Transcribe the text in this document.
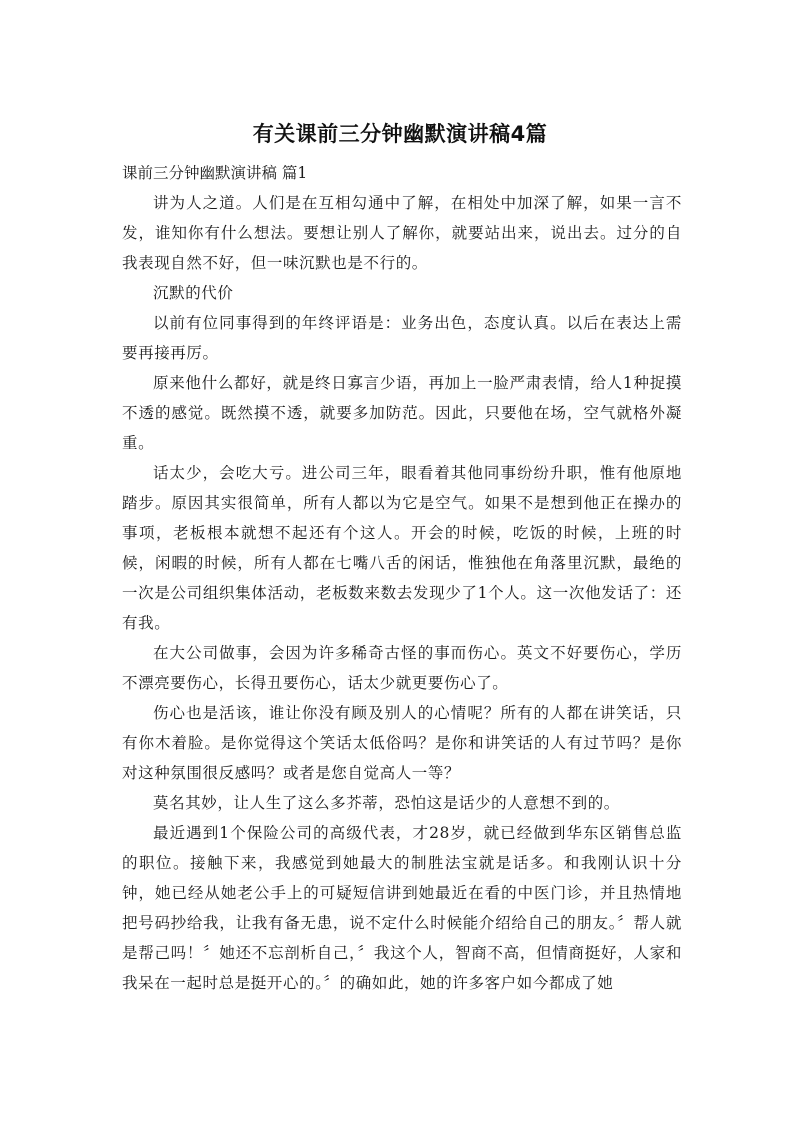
有关课前三分钟幽默演讲稿4篇
课前三分钟幽默演讲稿 篇1

讲为人之道。人们是在互相勾通中了解，在相处中加深了解，如果一言不发，谁知你有什么想法。要想让别人了解你，就要站出来，说出去。过分的自我表现自然不好，但一味沉默也是不行的。

沉默的代价

以前有位同事得到的年终评语是：业务出色，态度认真。以后在表达上需要再接再厉。

原来他什么都好，就是终日寡言少语，再加上一脸严肃表情，给人1种捉摸不透的感觉。既然摸不透，就要多加防范。因此，只要他在场，空气就格外凝重。

话太少，会吃大亏。进公司三年，眼看着其他同事纷纷升职，惟有他原地踏步。原因其实很简单，所有人都以为它是空气。如果不是想到他正在操办的事项，老板根本就想不起还有个这人。开会的时候，吃饭的时候，上班的时候，闲暇的时候，所有人都在七嘴八舌的闲话，惟独他在角落里沉默，最绝的一次是公司组织集体活动，老板数来数去发现少了1个人。这一次他发话了：还有我。

在大公司做事，会因为许多稀奇古怪的事而伤心。英文不好要伤心，学历不漂亮要伤心，长得丑要伤心，话太少就更要伤心了。

伤心也是活该，谁让你没有顾及别人的心情呢？所有的人都在讲笑话，只有你木着脸。是你觉得这个笑话太低俗吗？是你和讲笑话的人有过节吗？是你对这种氛围很反感吗？或者是您自觉高人一等？

莫名其妙，让人生了这么多芥蒂，恐怕这是话少的人意想不到的。

最近遇到1个保险公司的高级代表，才28岁，就已经做到华东区销售总监的职位。接触下来，我感觉到她最大的制胜法宝就是话多。和我刚认识十分钟，她已经从她老公手上的可疑短信讲到她最近在看的中医门诊，并且热情地把号码抄给我，让我有备无患，说不定什么时候能介绍给自己的朋友。〞帮人就是帮己吗！〞她还不忘剖析自己，〞我这个人，智商不高，但情商挺好，人家和我呆在一起时总是挺开心的。〞的确如此，她的许多客户如今都成了她
